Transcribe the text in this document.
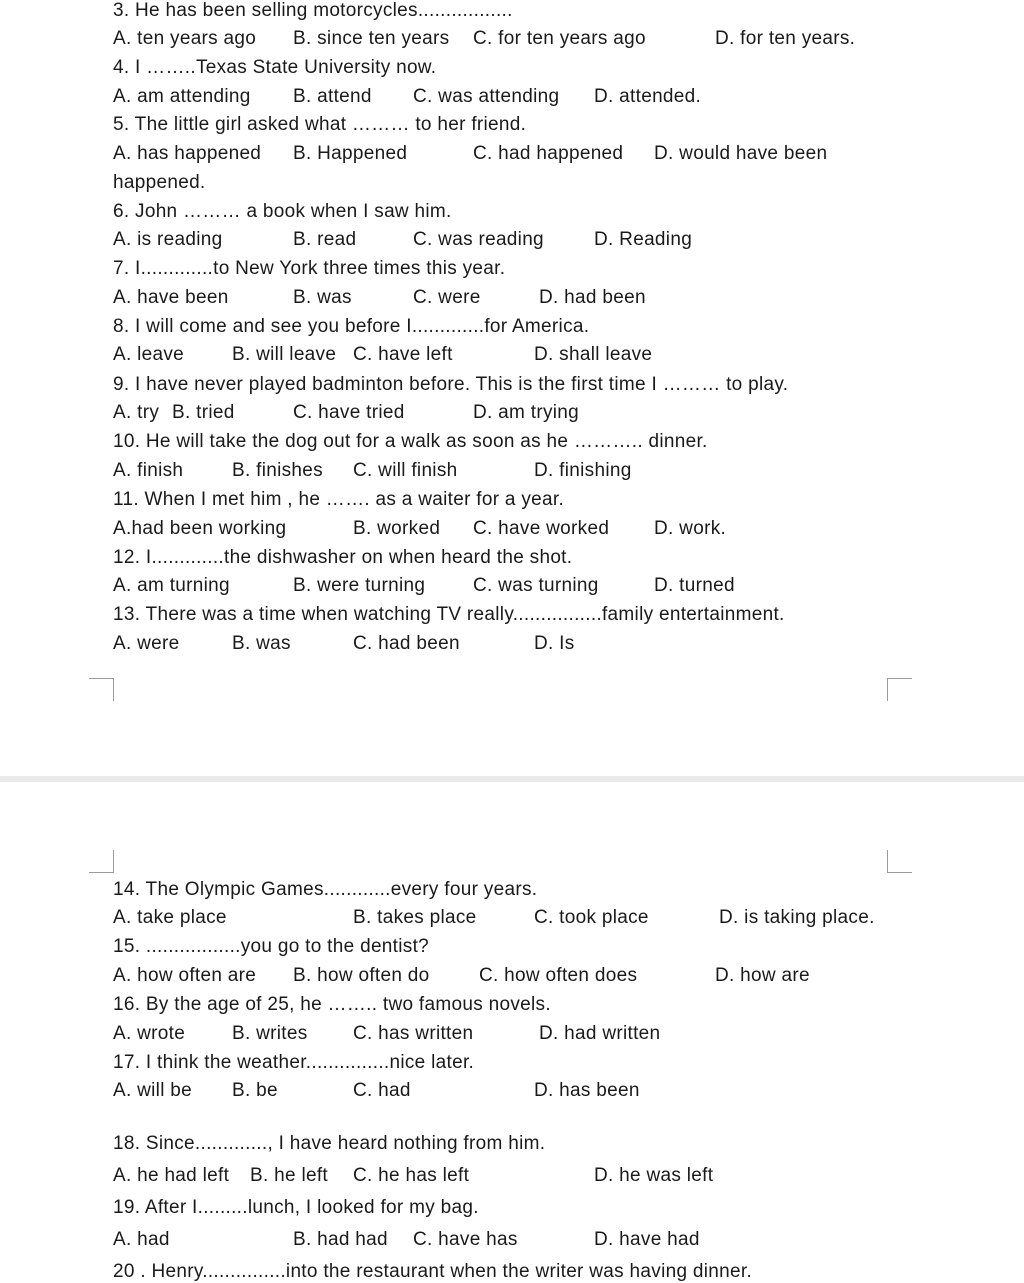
3. He has been selling motorcycles.................
A. ten years ago B. since ten years C. for ten years ago	D. for ten years.
4. I ……..Texas State University now.
A. am attending B. attend C. was attending D. attended.
5. The little girl asked what ……… to her friend.
A. has happened B. Happened	C. had happened D. would have been
happened.
6. John ……… a book when I saw him.
A. is reading	B. read	C. was reading	D. Reading
7. I.............to New York three times this year.
A. have been	B. was	C. were	D. had been
8. I will come and see you before I.............for America.
A. leave	B. will leave C. have left	D. shall leave
9. I have never played badminton before. This is the first time I ……… to play.
A. try B. tried	C. have tried	D. am trying
10. He will take the dog out for a walk as soon as he ……….. dinner.
A. finish	B. finishes C. will finish	D. finishing
11. When I met him , he ……. as a waiter for a year.
A.had been working	B. worked C. have worked D. work.
12. I.............the dishwasher on when heard the shot.
A. am turning	B. were turning	C. was turning	D. turned
13. There was a time when watching TV really................family entertainment.
A. were	B. was	C. had been	D. Is
14. The Olympic Games............every four years.
A. take place	B. takes place	C. took place	D. is taking place.
15. .................you go to the dentist?
A. how often are B. how often do	C. how often does	D. how are
16. By the age of 25, he …….. two famous novels.
A. wrote B. writes C. has written	D. had written
17. I think the weather...............nice later.
A. will be B. be	C. had	D. has been
18. Since............., I have heard nothing from him.
A. he had left B. he left C. he has left	D. he was left
19. After I.........lunch, I looked for my bag.
A. had	B. had had C. have has	D. have had
20 . Henry...............into the restaurant when the writer was having dinner.
